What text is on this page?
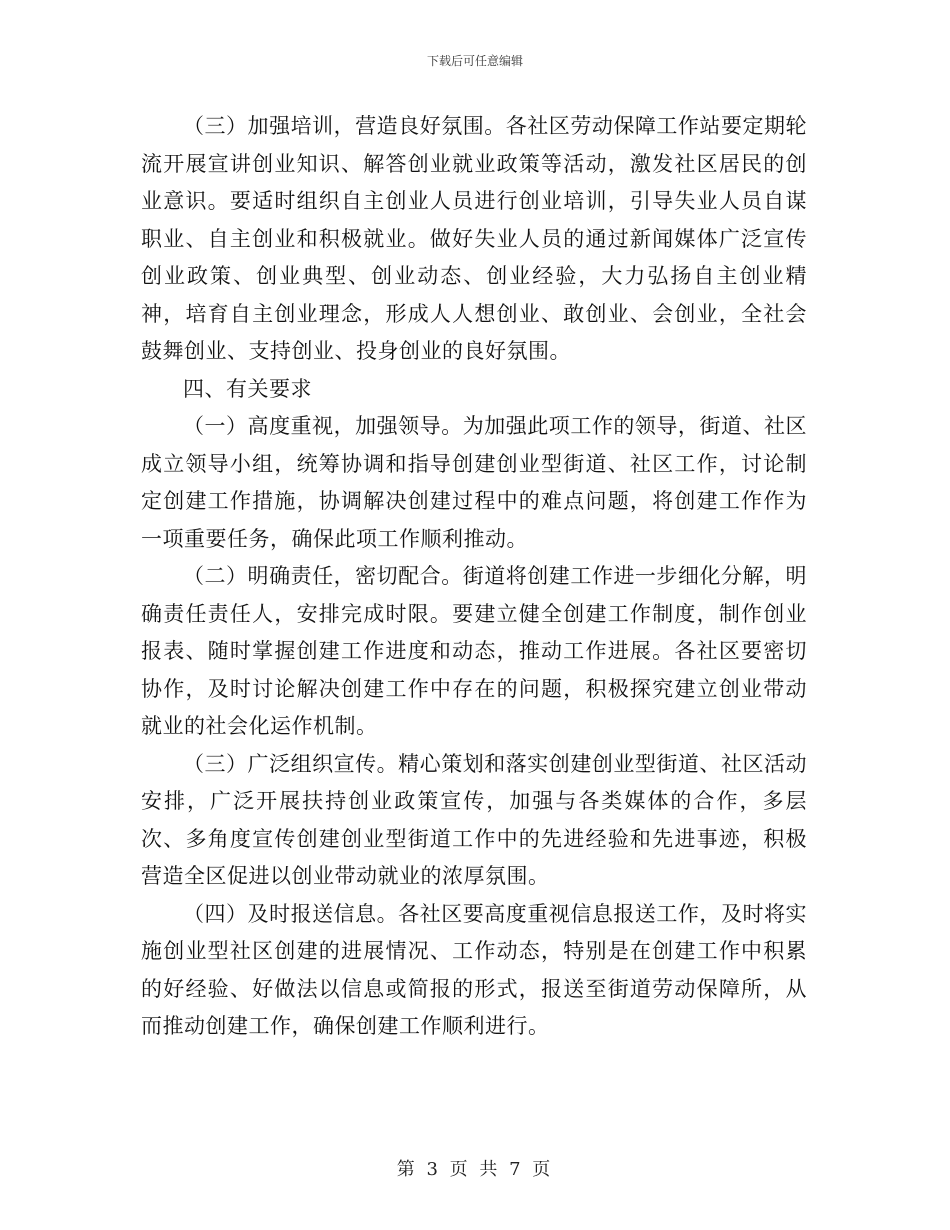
下载后可任意编辑

（三）加强培训，营造良好氛围。各社区劳动保障工作站要定期轮流开展宣讲创业知识、解答创业就业政策等活动，激发社区居民的创业意识。要适时组织自主创业人员进行创业培训，引导失业人员自谋职业、自主创业和积极就业。做好失业人员的通过新闻媒体广泛宣传创业政策、创业典型、创业动态、创业经验，大力弘扬自主创业精神，培育自主创业理念，形成人人想创业、敢创业、会创业，全社会鼓舞创业、支持创业、投身创业的良好氛围。

四、有关要求

（一）高度重视，加强领导。为加强此项工作的领导，街道、社区成立领导小组，统筹协调和指导创建创业型街道、社区工作，讨论制定创建工作措施，协调解决创建过程中的难点问题，将创建工作作为一项重要任务，确保此项工作顺利推动。

（二）明确责任，密切配合。街道将创建工作进一步细化分解，明确责任责任人，安排完成时限。要建立健全创建工作制度，制作创业报表、随时掌握创建工作进度和动态，推动工作进展。各社区要密切协作，及时讨论解决创建工作中存在的问题，积极探究建立创业带动就业的社会化运作机制。

（三）广泛组织宣传。精心策划和落实创建创业型街道、社区活动安排，广泛开展扶持创业政策宣传，加强与各类媒体的合作，多层次、多角度宣传创建创业型街道工作中的先进经验和先进事迹，积极营造全区促进以创业带动就业的浓厚氛围。

（四）及时报送信息。各社区要高度重视信息报送工作，及时将实施创业型社区创建的进展情况、工作动态，特别是在创建工作中积累的好经验、好做法以信息或简报的形式，报送至街道劳动保障所，从而推动创建工作，确保创建工作顺利进行。

第 3 页 共 7 页
